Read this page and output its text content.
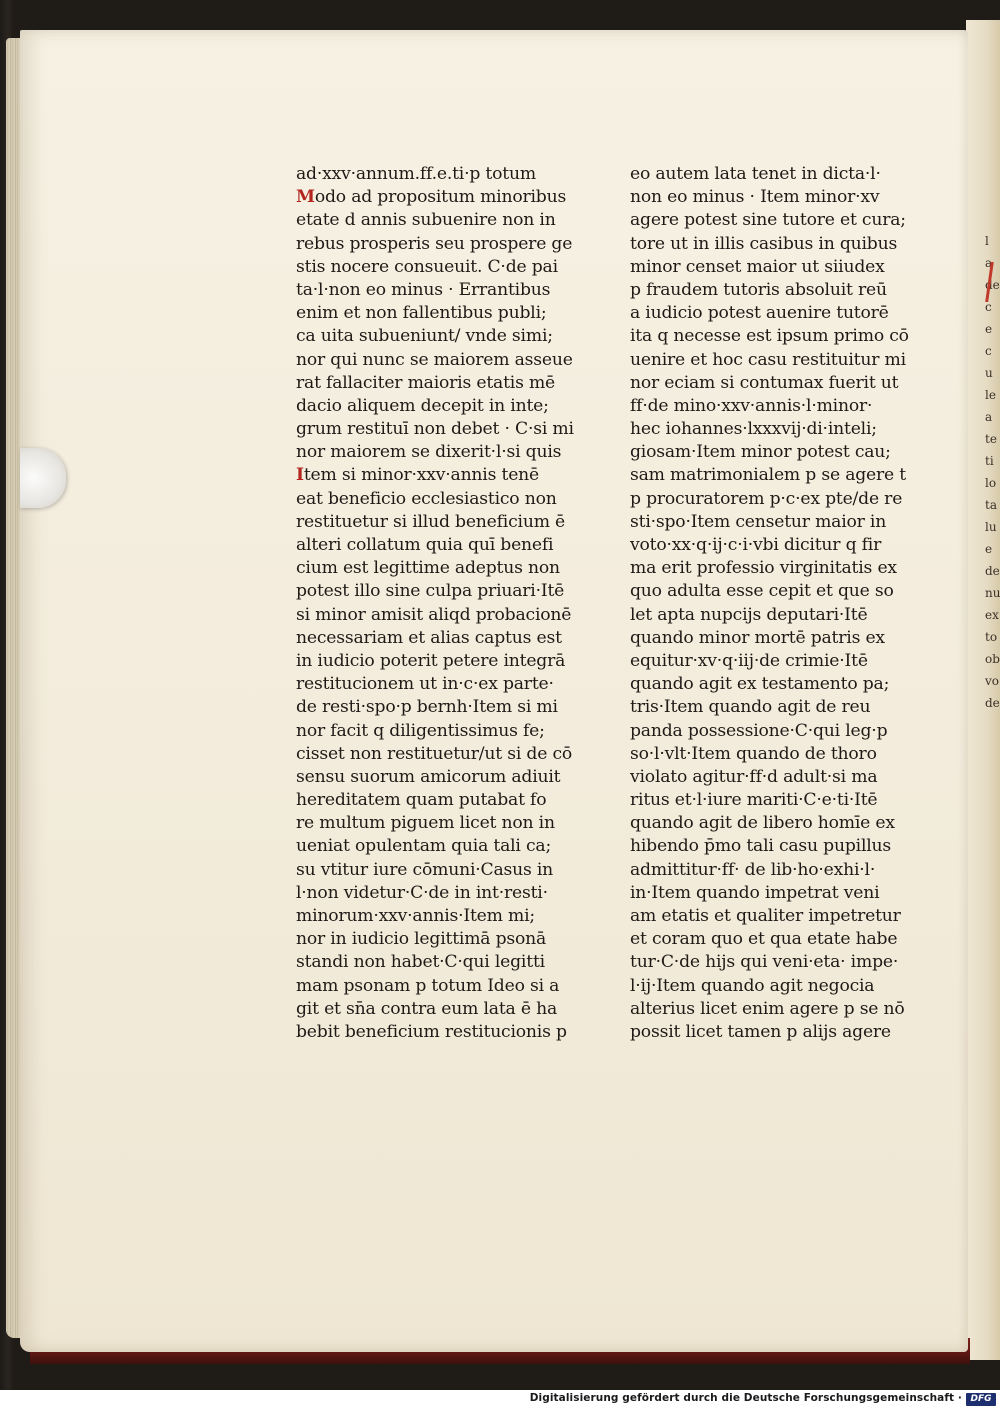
l
a
de
c
e
c
u
le
a
te
ti
lo
ta
lu
e
de
nu
ex
to
ob
vo
de
ad·xxv·annum.ff.e.ti·p totum
Modo ad propositum minoribus
etate d annis subuenire non in
rebus prosperis seu prospere ge
stis nocere consueuit. C·de pai
ta·l·non eo minus · Errantibus
enim et non fallentibus publi;
ca uita subueniunt/ vnde simi;
nor qui nunc se maiorem asseue
rat fallaciter maioris etatis mē
dacio aliquem decepit in inte;
grum restituī non debet · C·si mi
nor maiorem se dixerit·l·si quis
Item si minor·xxv·annis tenē
eat beneficio ecclesiastico non
restituetur si illud beneficium ē
alteri collatum quia quī benefi
cium est legittime adeptus non
potest illo sine culpa priuari·Itē
si minor amisit aliqd probacionē
necessariam et alias captus est
in iudicio poterit petere integrā
restitucionem ut in·c·ex parte·
de resti·spo·p bernh·Item si mi
nor facit q diligentissimus fe;
cisset non restituetur/ut si de cō
sensu suorum amicorum adiuit
hereditatem quam putabat fo
re multum piguem licet non in
ueniat opulentam quia tali ca;
su vtitur iure cōmuni·Casus in
l·non videtur·C·de in int·resti·
minorum·xxv·annis·Item mi;
nor in iudicio legittimā psonā
standi non habet·C·qui legitti
mam psonam p totum Ideo si a
git et sn̄a contra eum lata ē ha
bebit beneficium restitucionis p
eo autem lata tenet in dicta·l·
non eo minus · Item minor·xv
agere potest sine tutore et cura;
tore ut in illis casibus in quibus
minor censet maior ut siiudex
p fraudem tutoris absoluit reū
a iudicio potest auenire tutorē
ita q necesse est ipsum primo cō
uenire et hoc casu restituitur mi
nor eciam si contumax fuerit ut
ff·de mino·xxv·annis·l·minor·
hec iohannes·lxxxvij·di·inteli;
giosam·Item minor potest cau;
sam matrimonialem p se agere t
p procuratorem p·c·ex pte/de re
sti·spo·Item censetur maior in
voto·xx·q·ij·c·i·vbi dicitur q fir
ma erit professio virginitatis ex
quo adulta esse cepit et que so
let apta nupcijs deputari·Itē
quando minor mortē patris ex
equitur·xv·q·iij·de crimie·Itē
quando agit ex testamento pa;
tris·Item quando agit de reu
panda possessione·C·qui leg·p
so·l·vlt·Item quando de thoro
violato agitur·ff·d adult·si ma
ritus et·l·iure mariti·C·e·ti·Itē
quando agit de libero homīe ex
hibendo p̄mo tali casu pupillus
admittitur·ff· de lib·ho·exhi·l·
in·Item quando impetrat veni
am etatis et qualiter impetretur
et coram quo et qua etate habe
tur·C·de hijs qui veni·eta· impe·
l·ij·Item quando agit negocia
alterius licet enim agere p se nō
possit licet tamen p alijs agere
Digitalisierung gefördert durch die Deutsche Forschungsgemeinschaft · DFG
